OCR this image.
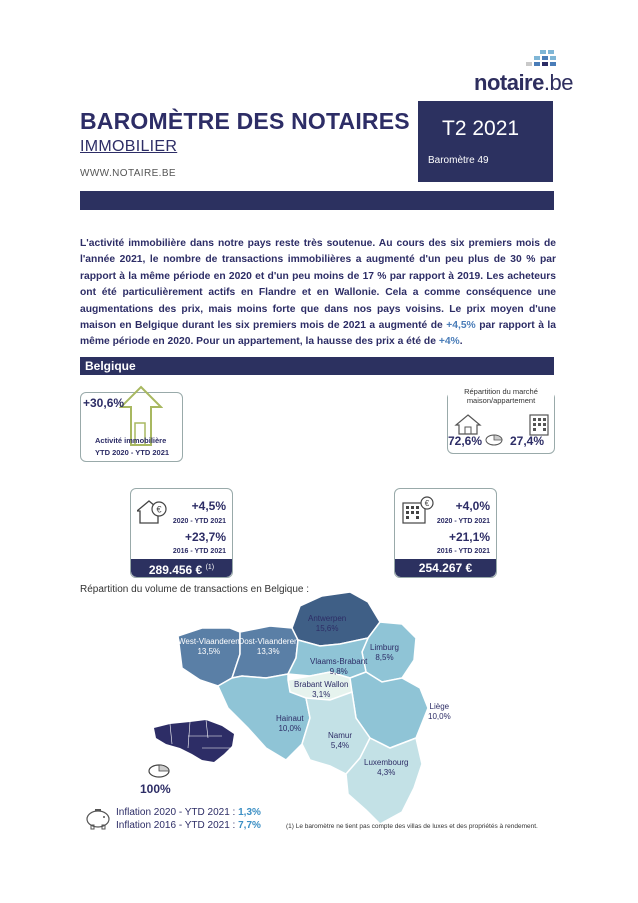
notaire.be
BAROMÈTRE DES NOTAIRES
IMMOBILIER
WWW.NOTAIRE.BE
T2 2021
Baromètre 49
L'activité immobilière dans notre pays reste très soutenue. Au cours des six premiers mois de l'année 2021, le nombre de transactions immobilières a augmenté d'un peu plus de 30 % par rapport à la même période en 2020 et d'un peu moins de 17 % par rapport à 2019. Les acheteurs ont été particulièrement actifs en Flandre et en Wallonie. Cela a comme conséquence une augmentations des prix, mais moins forte que dans nos pays voisins. Le prix moyen d'une maison en Belgique durant les six premiers mois de 2021 a augmenté de +4,5% par rapport à la même période en 2020. Pour un appartement, la hausse des prix a été de +4%.
Belgique
+30,6%
Activité immobilière
YTD 2020 - YTD 2021
Répartition du marché
maison/appartement
72,6% 27,4%
€	+4,5%
2020 - YTD 2021
+23,7%
2016 - YTD 2021
289.456 € $^{(1)}$
€ +4,0%
2020 - YTD 2021
+21,1%
2016 - YTD 2021
254.267 €
Répartition du volume de transactions en Belgique :
Antwerpen
15,6%
West-Vlaanderen
13,5%
Oost-Vlaanderen
13,3%	Limburg
8,5%
Vlaams-Brabant
9,8%
Brabant Wallon
3,1%
Liège
10,0%
Hainaut
10,0%
Namur
5,4%
Luxembourg
4,3%
100%
Inflation 2020 - YTD 2021 : 1,3%
Inflation 2016 - YTD 2021 : 7,7%	(1) Le baromètre ne tient pas compte des villas de luxes et des propriétés à rendement.
